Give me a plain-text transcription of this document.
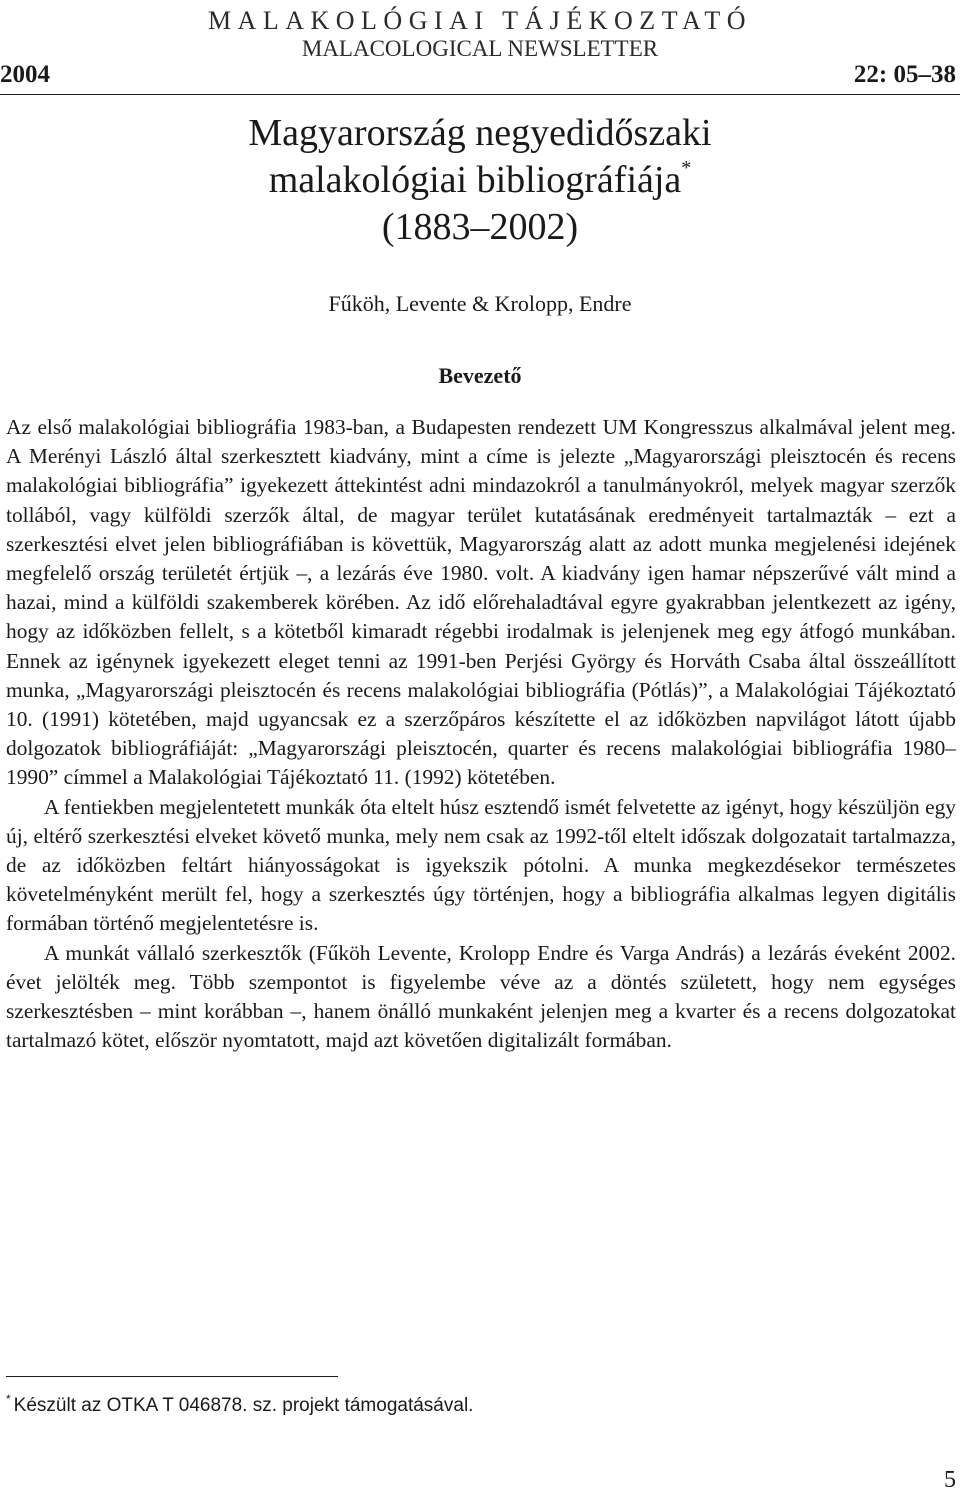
MALAKOLÓGIAI TÁJÉKOZTATÓ
MALACOLOGICAL NEWSLETTER
2004	22: 05–38
Magyarország negyedidőszaki
malakológiai bibliográfiája*
(1883–2002)
Fűköh, Levente & Krolopp, Endre
Bevezető

Az első malakológiai bibliográfia 1983-ban, a Budapesten rendezett UM Kongresszus alkalmával jelent meg. A Merényi László által szerkesztett kiadvány, mint a címe is jelezte „Magyarországi pleisztocén és recens malakológiai bibliográfia” igyekezett áttekintést adni mindazokról a tanulmányokról, melyek magyar szerzők tollából, vagy külföldi szerzők által, de magyar terület kutatásának eredményeit tartalmazták – ezt a szerkesztési elvet jelen bibliográfiában is követtük, Magyarország alatt az adott munka megjelenési idejének megfelelő ország területét értjük –, a lezárás éve 1980. volt. A kiadvány igen hamar népszerűvé vált mind a hazai, mind a külföldi szakemberek körében. Az idő előrehaladtával egyre gyakrabban jelentkezett az igény, hogy az időközben fellelt, s a kötetből kimaradt régebbi irodalmak is jelenjenek meg egy átfogó munkában. Ennek az igénynek igyekezett eleget tenni az 1991-ben Perjési György és Horváth Csaba által összeállított munka, „Magyarországi pleisztocén és recens malakológiai bibliográfia (Pótlás)”, a Malakológiai Tájékoztató 10. (1991) kötetében, majd ugyancsak ez a szerzőpáros készítette el az időközben napvilágot látott újabb dolgozatok bibliográfiáját: „Magyarországi pleisztocén, quarter és recens malakológiai bibliográfia 1980–1990” címmel a Malakológiai Tájékoztató 11. (1992) kötetében.

A fentiekben megjelentetett munkák óta eltelt húsz esztendő ismét felvetette az igényt, hogy készüljön egy új, eltérő szerkesztési elveket követő munka, mely nem csak az 1992-től eltelt időszak dolgozatait tartalmazza, de az időközben feltárt hiányosságokat is igyekszik pótolni. A munka megkezdésekor természetes követelményként merült fel, hogy a szerkesztés úgy történjen, hogy a bibliográfia alkalmas legyen digitális formában történő megjelentetésre is.

A munkát vállaló szerkesztők (Fűköh Levente, Krolopp Endre és Varga András) a lezárás éveként 2002. évet jelölték meg. Több szempontot is figyelembe véve az a döntés született, hogy nem egységes szerkesztésben – mint korábban –, hanem önálló munkaként jelenjen meg a kvarter és a recens dolgozatokat tartalmazó kötet, először nyomtatott, majd azt követően digitalizált formában.

* Készült az OTKA T 046878. sz. projekt támogatásával.
5
